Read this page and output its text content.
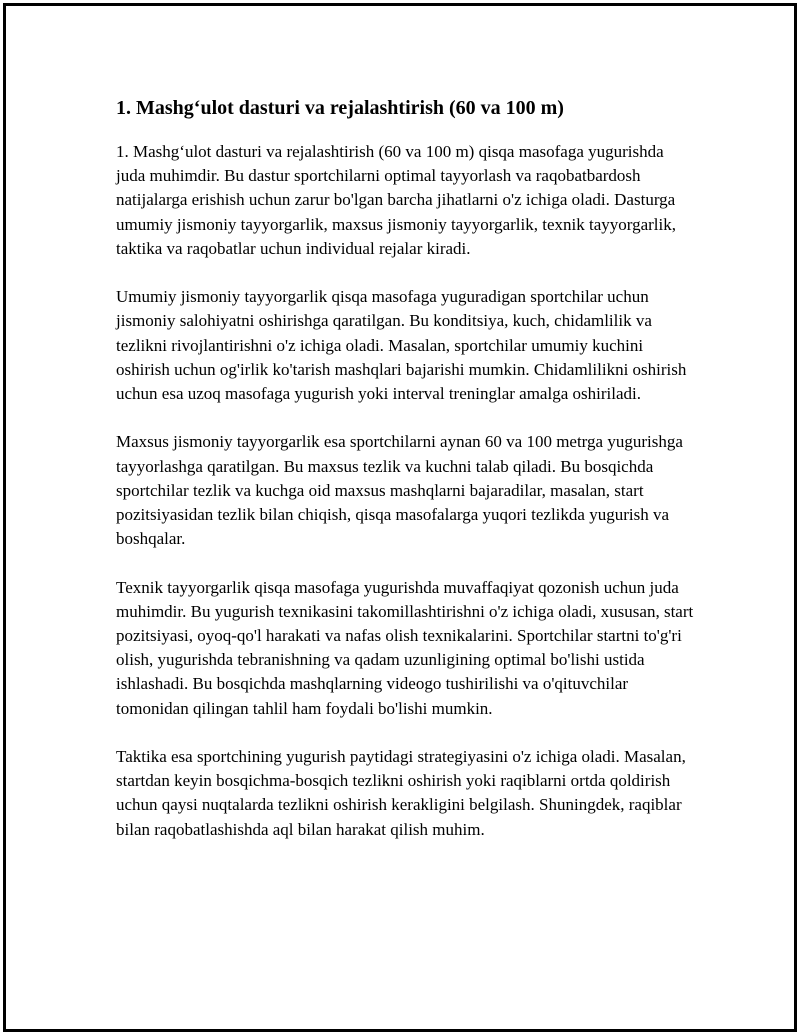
1. Mashg‘ulot dasturi va rejalashtirish (60 va 100 m)

1. Mashg‘ulot dasturi va rejalashtirish (60 va 100 m) qisqa masofaga yugurishda juda muhimdir. Bu dastur sportchilarni optimal tayyorlash va raqobatbardosh natijalarga erishish uchun zarur bo'lgan barcha jihatlarni o'z ichiga oladi. Dasturga umumiy jismoniy tayyorgarlik, maxsus jismoniy tayyorgarlik, texnik tayyorgarlik, taktika va raqobatlar uchun individual rejalar kiradi.

Umumiy jismoniy tayyorgarlik qisqa masofaga yuguradigan sportchilar uchun jismoniy salohiyatni oshirishga qaratilgan. Bu konditsiya, kuch, chidamlilik va tezlikni rivojlantirishni o'z ichiga oladi. Masalan, sportchilar umumiy kuchini oshirish uchun og'irlik ko'tarish mashqlari bajarishi mumkin. Chidamlilikni oshirish uchun esa uzoq masofaga yugurish yoki interval treninglar amalga oshiriladi.

Maxsus jismoniy tayyorgarlik esa sportchilarni aynan 60 va 100 metrga yugurishga tayyorlashga qaratilgan. Bu maxsus tezlik va kuchni talab qiladi. Bu bosqichda sportchilar tezlik va kuchga oid maxsus mashqlarni bajaradilar, masalan, start pozitsiyasidan tezlik bilan chiqish, qisqa masofalarga yuqori tezlikda yugurish va boshqalar.

Texnik tayyorgarlik qisqa masofaga yugurishda muvaffaqiyat qozonish uchun juda muhimdir. Bu yugurish texnikasini takomillashtirishni o'z ichiga oladi, xususan, start pozitsiyasi, oyoq-qo'l harakati va nafas olish texnikalarini. Sportchilar startni to'g'ri olish, yugurishda tebranishning va qadam uzunligining optimal bo'lishi ustida ishlashadi. Bu bosqichda mashqlarning videogo tushirilishi va o'qituvchilar tomonidan qilingan tahlil ham foydali bo'lishi mumkin.

Taktika esa sportchining yugurish paytidagi strategiyasini o'z ichiga oladi. Masalan, startdan keyin bosqichma-bosqich tezlikni oshirish yoki raqiblarni ortda qoldirish uchun qaysi nuqtalarda tezlikni oshirish kerakligini belgilash. Shuningdek, raqiblar bilan raqobatlashishda aql bilan harakat qilish muhim.
